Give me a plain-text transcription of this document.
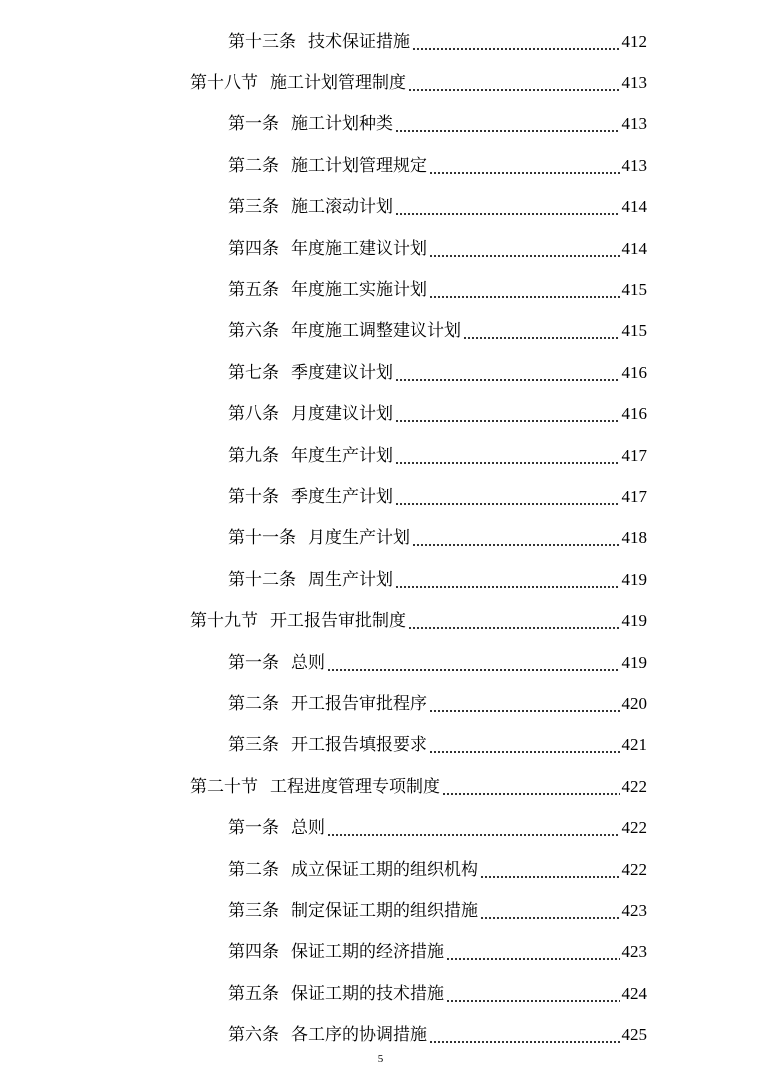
第十三条 技术保证措施	412
第十八节 施工计划管理制度	413
第一条 施工计划种类	413
第二条 施工计划管理规定	413
第三条 施工滚动计划	414
第四条 年度施工建议计划	414
第五条 年度施工实施计划	415
第六条 年度施工调整建议计划	415
第七条 季度建议计划	416
第八条 月度建议计划	416
第九条 年度生产计划	417
第十条 季度生产计划	417
第十一条 月度生产计划	418
第十二条 周生产计划	419
第十九节 开工报告审批制度	419
第一条 总则	419
第二条 开工报告审批程序	420
第三条 开工报告填报要求	421
第二十节 工程进度管理专项制度	422
第一条 总则	422
第二条 成立保证工期的组织机构	422
第三条 制定保证工期的组织措施	423
第四条 保证工期的经济措施	423
第五条 保证工期的技术措施	424
第六条 各工序的协调措施	425
5
